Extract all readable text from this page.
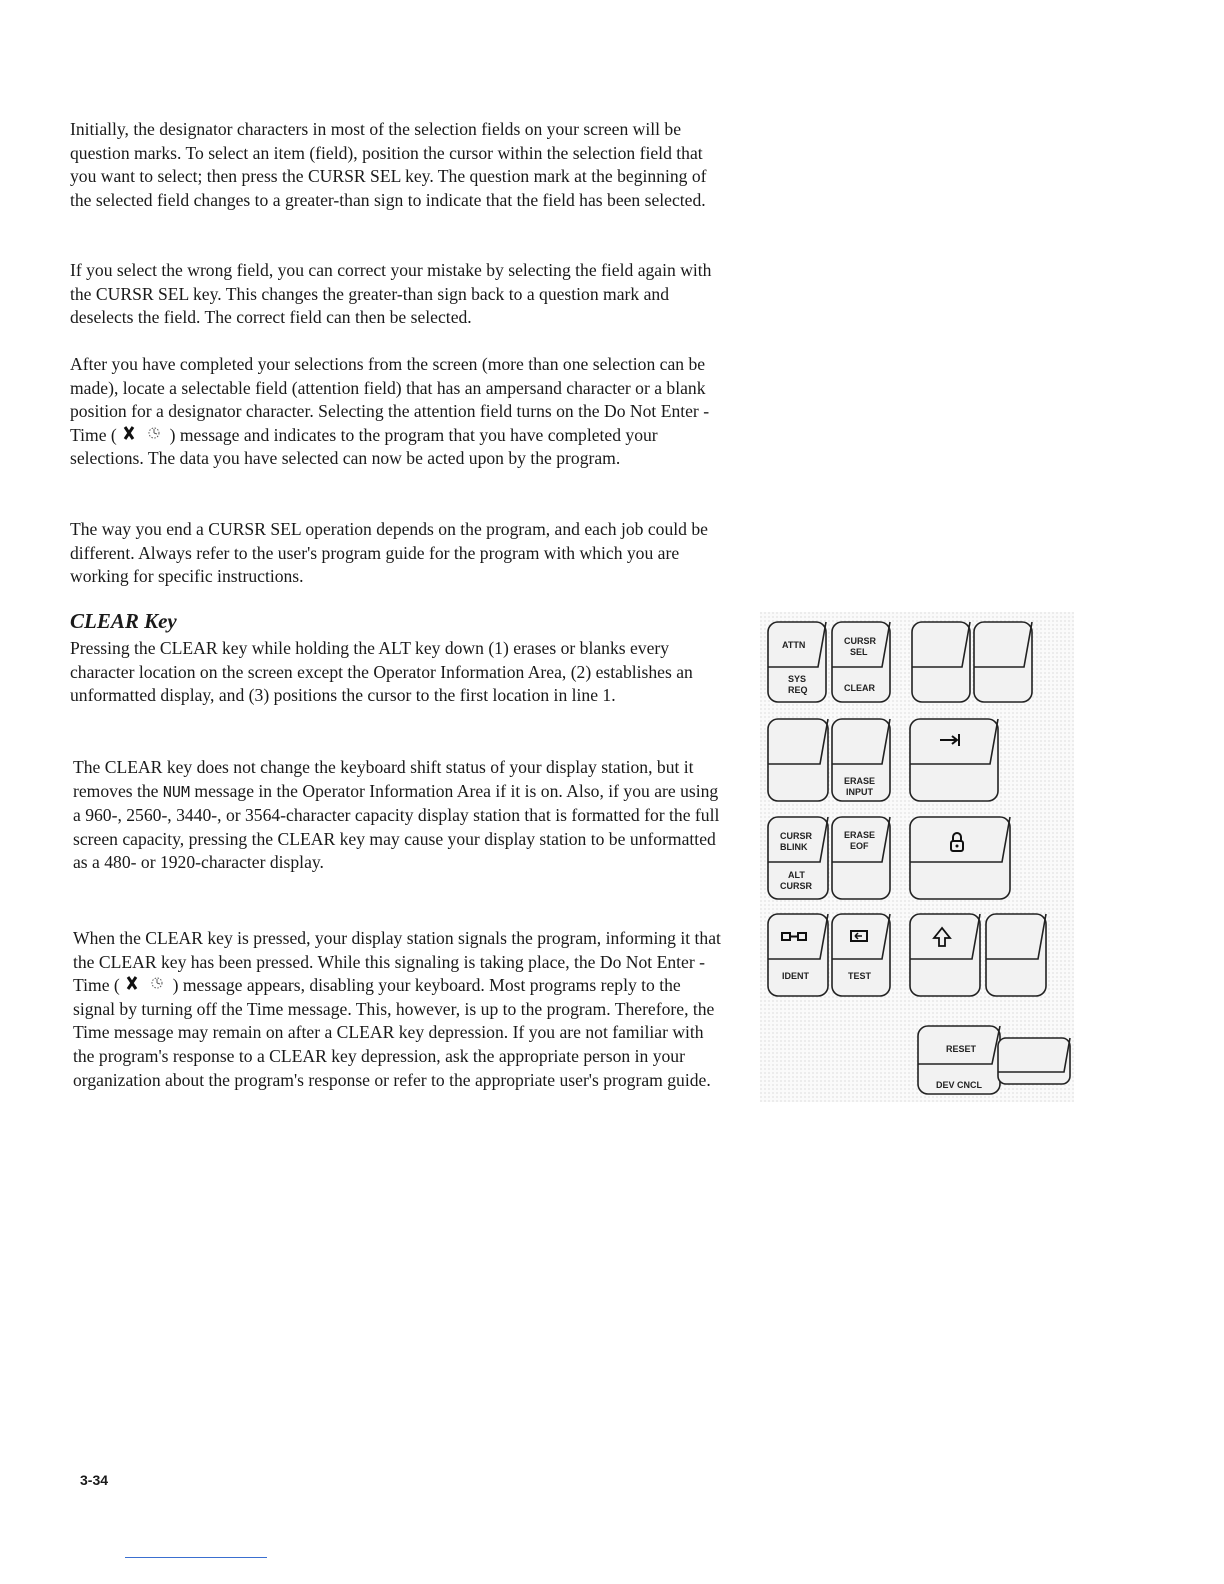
Initially, the designator characters in most of the selection fields on your screen will be question marks. To select an item (field), position the cursor within the selection field that you want to select; then press the CURSR SEL key. The question mark at the beginning of the selected field changes to a greater-than sign to indicate that the field has been selected.

If you select the wrong field, you can correct your mistake by selecting the field again with the CURSR SEL key. This changes the greater-than sign back to a question mark and deselects the field. The correct field can then be selected.

After you have completed your selections from the screen (more than one selection can be made), locate a selectable field (attention field) that has an ampersand character or a blank position for a designator character. Selecting the attention field turns on the Do Not Enter - Time (	) message and indicates to the program that you have completed your selections. The data you have selected can now be acted upon by the program.

The way you end a CURSR SEL operation depends on the program, and each job could be different. Always refer to the user's program guide for the program with which you are working for specific instructions.

CLEAR Key

Pressing the CLEAR key while holding the ALT key down (1) erases or blanks every character location on the screen except the Operator Information Area, (2) establishes an unformatted display, and (3) positions the cursor to the first location in line 1.

The CLEAR key does not change the keyboard shift status of your display station, but it removes the NUM message in the Operator Information Area if it is on. Also, if you are using a 960-, 2560-, 3440-, or 3564-character capacity display station that is formatted for the full screen capacity, pressing the CLEAR key may cause your display station to be unformatted as a 480- or 1920-character display.

When the CLEAR key is pressed, your display station signals the program, informing it that the CLEAR key has been pressed. While this signaling is taking place, the Do Not Enter - Time (	) message appears, disabling your keyboard. Most programs reply to the signal by turning off the Time message. This, however, is up to the program. Therefore, the Time message may remain on after a CLEAR key depression. If you are not familiar with the program's response to a CLEAR key depression, ask the appropriate person in your organization about the program's response or refer to the appropriate user's program guide.

ATTN
SYS
REQ
CURSR
SEL
CLEAR
ERASE
INPUT
CURSR
BLINK
ALT
CURSR
ERASE
EOF
IDENT	TEST
RESET
DEV CNCL
3-34
